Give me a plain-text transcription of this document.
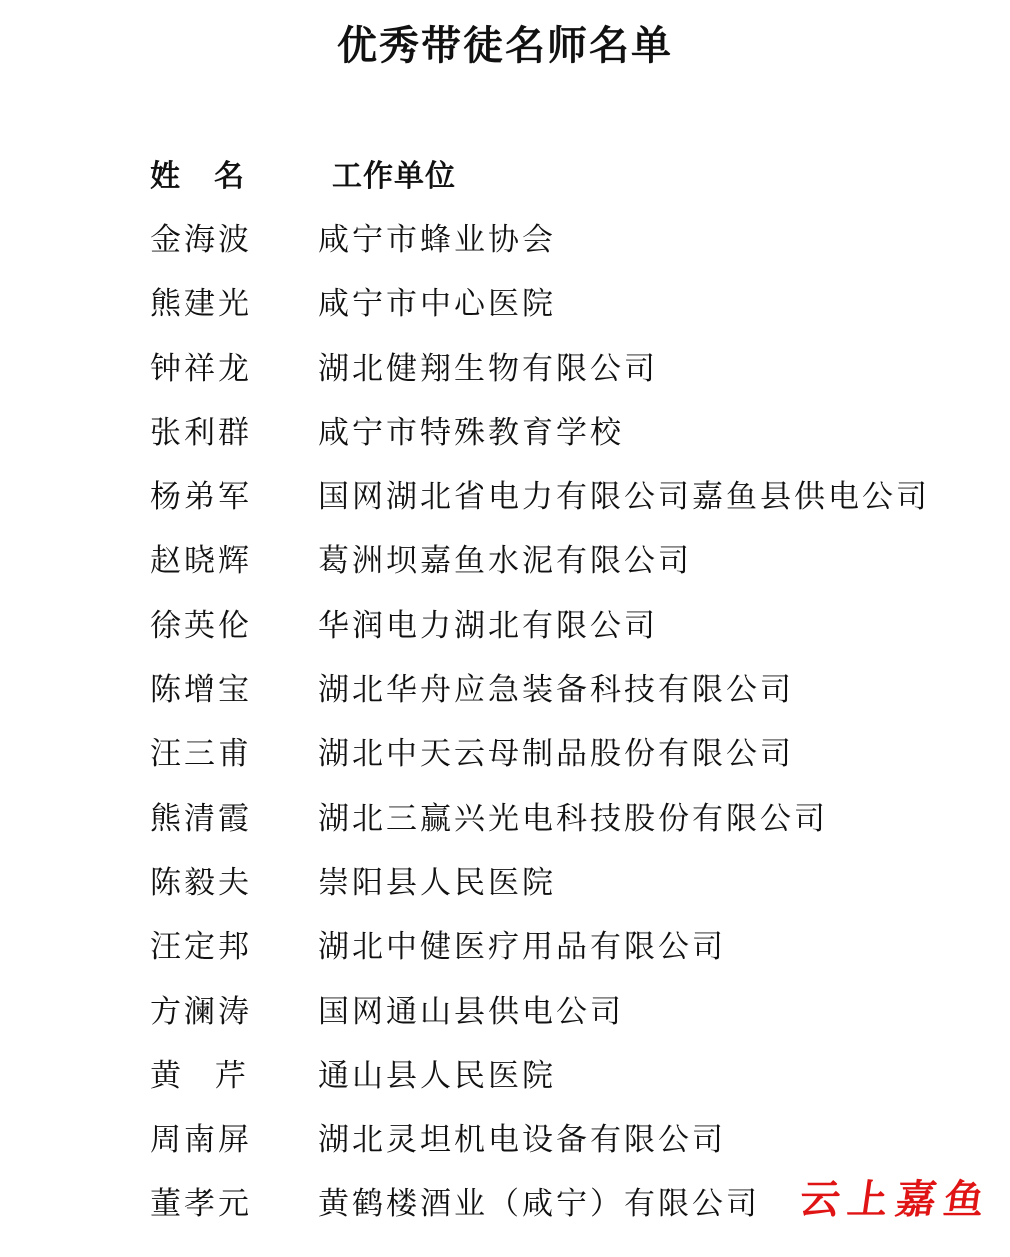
优秀带徒名师名单
姓名 工作单位
金海波 咸宁市蜂业协会
熊建光 咸宁市中心医院
钟祥龙 湖北健翔生物有限公司
张利群 咸宁市特殊教育学校
杨弟军 国网湖北省电力有限公司嘉鱼县供电公司
赵晓辉 葛洲坝嘉鱼水泥有限公司
徐英伦 华润电力湖北有限公司
陈增宝 湖北华舟应急装备科技有限公司
汪三甫 湖北中天云母制品股份有限公司
熊清霞 湖北三赢兴光电科技股份有限公司
陈毅夫 崇阳县人民医院
汪定邦 湖北中健医疗用品有限公司
方澜涛 国网通山县供电公司
黄芹 通山县人民医院
周南屏 湖北灵坦机电设备有限公司
董孝元 黄鹤楼酒业（咸宁）有限公司 云上嘉鱼
